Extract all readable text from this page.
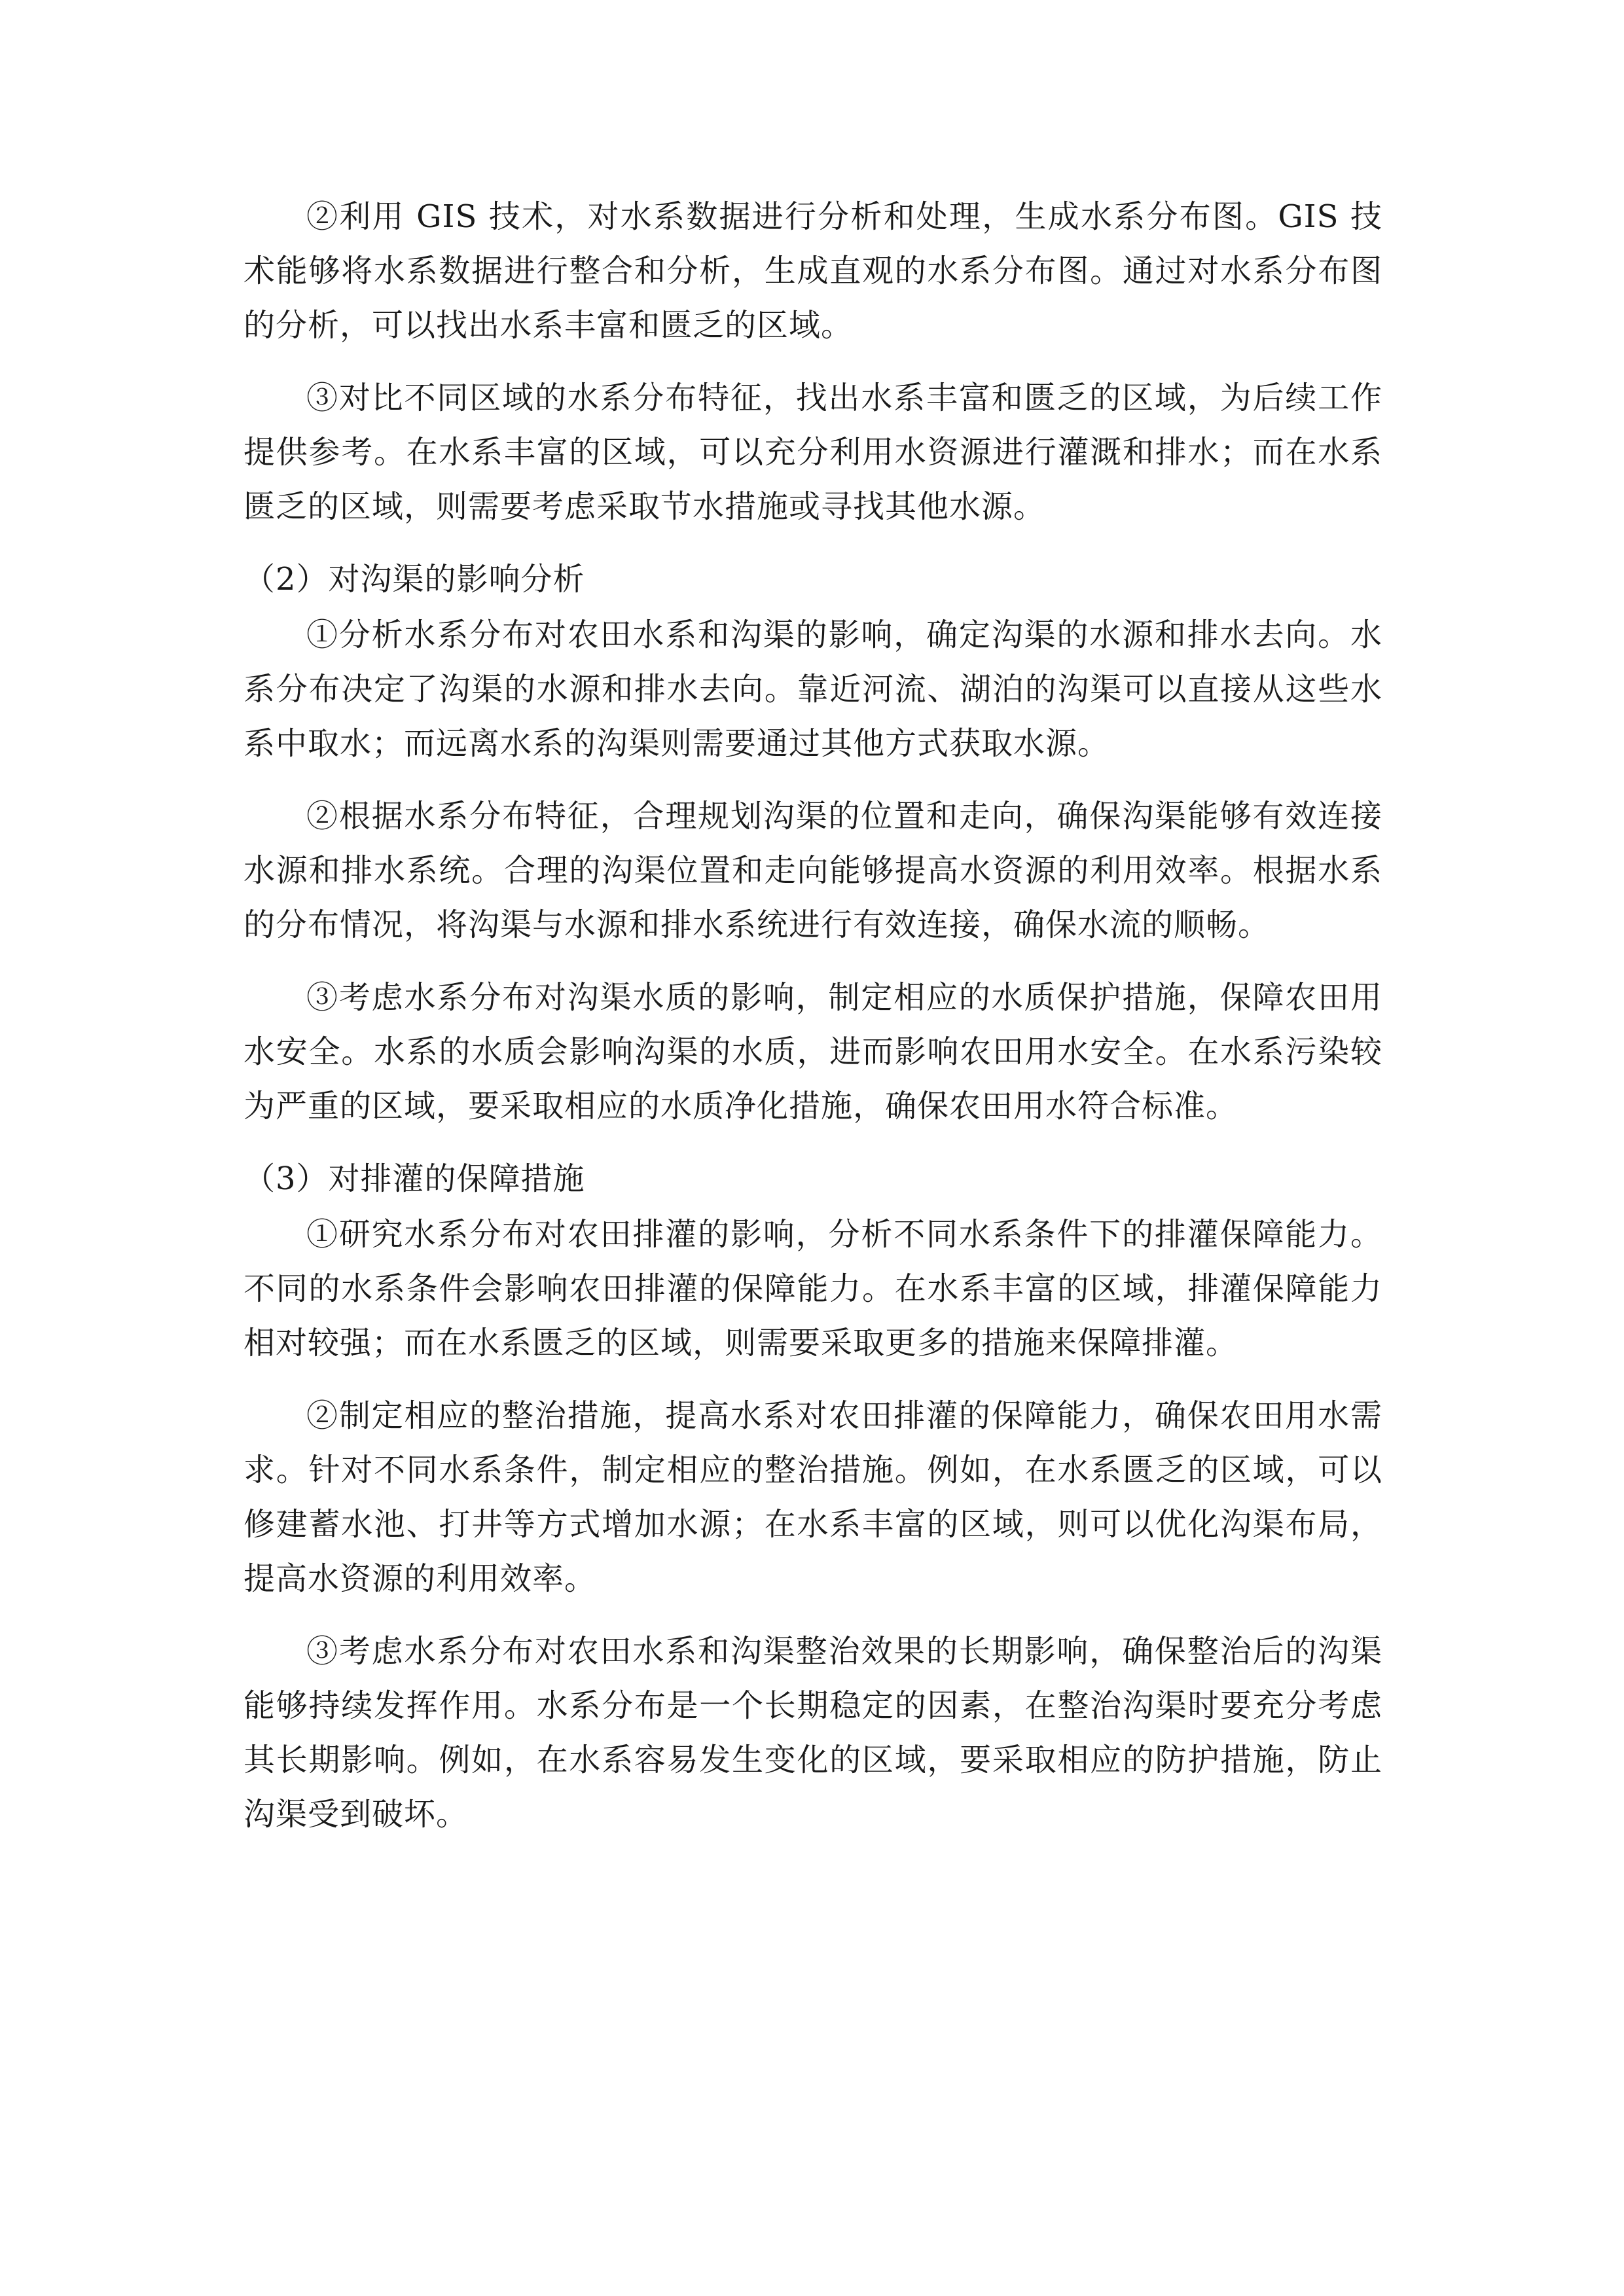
②利用 GIS 技术，对水系数据进行分析和处理，生成水系分布图。GIS 技术能够将水系数据进行整合和分析，生成直观的水系分布图。通过对水系分布图的分析，可以找出水系丰富和匮乏的区域。

③对比不同区域的水系分布特征，找出水系丰富和匮乏的区域，为后续工作提供参考。在水系丰富的区域，可以充分利用水资源进行灌溉和排水；而在水系匮乏的区域，则需要考虑采取节水措施或寻找其他水源。

（2）对沟渠的影响分析

①分析水系分布对农田水系和沟渠的影响，确定沟渠的水源和排水去向。水系分布决定了沟渠的水源和排水去向。靠近河流、湖泊的沟渠可以直接从这些水系中取水；而远离水系的沟渠则需要通过其他方式获取水源。

②根据水系分布特征，合理规划沟渠的位置和走向，确保沟渠能够有效连接水源和排水系统。合理的沟渠位置和走向能够提高水资源的利用效率。根据水系的分布情况，将沟渠与水源和排水系统进行有效连接，确保水流的顺畅。

③考虑水系分布对沟渠水质的影响，制定相应的水质保护措施，保障农田用水安全。水系的水质会影响沟渠的水质，进而影响农田用水安全。在水系污染较为严重的区域，要采取相应的水质净化措施，确保农田用水符合标准。

（3）对排灌的保障措施

①研究水系分布对农田排灌的影响，分析不同水系条件下的排灌保障能力。不同的水系条件会影响农田排灌的保障能力。在水系丰富的区域，排灌保障能力相对较强；而在水系匮乏的区域，则需要采取更多的措施来保障排灌。

②制定相应的整治措施，提高水系对农田排灌的保障能力，确保农田用水需求。针对不同水系条件，制定相应的整治措施。例如，在水系匮乏的区域，可以修建蓄水池、打井等方式增加水源；在水系丰富的区域，则可以优化沟渠布局，提高水资源的利用效率。

③考虑水系分布对农田水系和沟渠整治效果的长期影响，确保整治后的沟渠能够持续发挥作用。水系分布是一个长期稳定的因素，在整治沟渠时要充分考虑其长期影响。例如，在水系容易发生变化的区域，要采取相应的防护措施，防止沟渠受到破坏。
